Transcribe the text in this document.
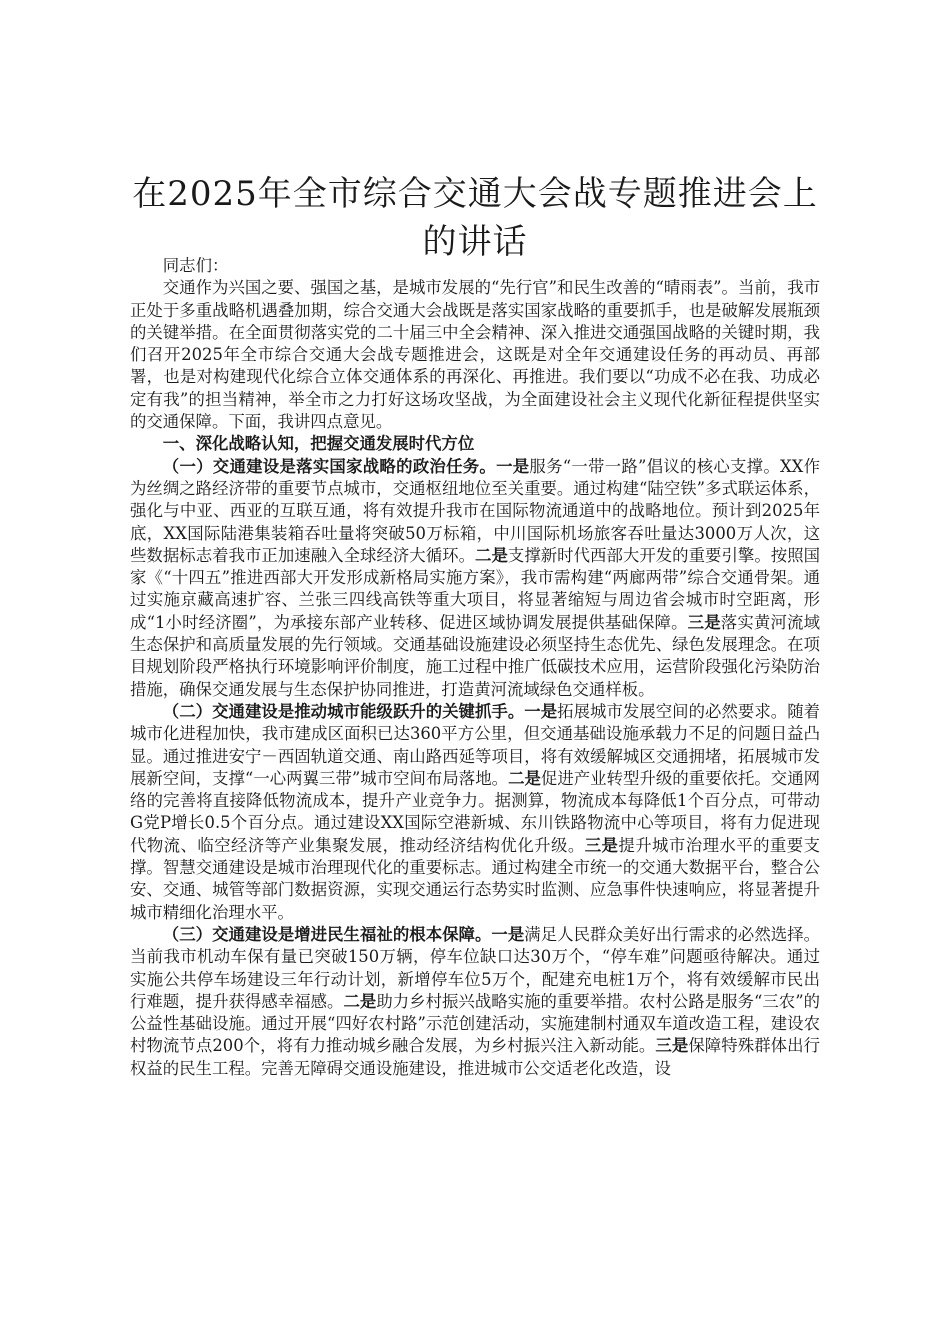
在2025年全市综合交通大会战专题推进会上的讲话

同志们：

交通作为兴国之要、强国之基，是城市发展的“先行官”和民生改善的“晴雨表”。当前，我市正处于多重战略机遇叠加期，综合交通大会战既是落实国家战略的重要抓手，也是破解发展瓶颈的关键举措。在全面贯彻落实党的二十届三中全会精神、深入推进交通强国战略的关键时期，我们召开2025年全市综合交通大会战专题推进会，这既是对全年交通建设任务的再动员、再部署，也是对构建现代化综合立体交通体系的再深化、再推进。我们要以“功成不必在我、功成必定有我”的担当精神，举全市之力打好这场攻坚战，为全面建设社会主义现代化新征程提供坚实的交通保障。下面，我讲四点意见。

一、深化战略认知，把握交通发展时代方位

（一）交通建设是落实国家战略的政治任务。一是服务“一带一路”倡议的核心支撑。XX作为丝绸之路经济带的重要节点城市，交通枢纽地位至关重要。通过构建“陆空铁”多式联运体系，强化与中亚、西亚的互联互通，将有效提升我市在国际物流通道中的战略地位。预计到2025年底，XX国际陆港集装箱吞吐量将突破50万标箱，中川国际机场旅客吞吐量达3000万人次，这些数据标志着我市正加速融入全球经济大循环。二是支撑新时代西部大开发的重要引擎。按照国家《“十四五”推进西部大开发形成新格局实施方案》，我市需构建“两廊两带”综合交通骨架。通过实施京藏高速扩容、兰张三四线高铁等重大项目，将显著缩短与周边省会城市时空距离，形成“1小时经济圈”，为承接东部产业转移、促进区域协调发展提供基础保障。三是落实黄河流域生态保护和高质量发展的先行领域。交通基础设施建设必须坚持生态优先、绿色发展理念。在项目规划阶段严格执行环境影响评价制度，施工过程中推广低碳技术应用，运营阶段强化污染防治措施，确保交通发展与生态保护协同推进，打造黄河流域绿色交通样板。

（二）交通建设是推动城市能级跃升的关键抓手。一是拓展城市发展空间的必然要求。随着城市化进程加快，我市建成区面积已达360平方公里，但交通基础设施承载力不足的问题日益凸显。通过推进安宁－西固轨道交通、南山路西延等项目，将有效缓解城区交通拥堵，拓展城市发展新空间，支撑“一心两翼三带”城市空间布局落地。二是促进产业转型升级的重要依托。交通网络的完善将直接降低物流成本，提升产业竞争力。据测算，物流成本每降低1个百分点，可带动G党P增长0.5个百分点。通过建设XX国际空港新城、东川铁路物流中心等项目，将有力促进现代物流、临空经济等产业集聚发展，推动经济结构优化升级。三是提升城市治理水平的重要支撑。智慧交通建设是城市治理现代化的重要标志。通过构建全市统一的交通大数据平台，整合公安、交通、城管等部门数据资源，实现交通运行态势实时监测、应急事件快速响应，将显著提升城市精细化治理水平。

（三）交通建设是增进民生福祉的根本保障。一是满足人民群众美好出行需求的必然选择。当前我市机动车保有量已突破150万辆，停车位缺口达30万个，“停车难”问题亟待解决。通过实施公共停车场建设三年行动计划，新增停车位5万个，配建充电桩1万个，将有效缓解市民出行难题，提升获得感幸福感。二是助力乡村振兴战略实施的重要举措。农村公路是服务“三农”的公益性基础设施。通过开展“四好农村路”示范创建活动，实施建制村通双车道改造工程，建设农村物流节点200个，将有力推动城乡融合发展，为乡村振兴注入新动能。三是保障特殊群体出行权益的民生工程。完善无障碍交通设施建设，推进城市公交适老化改造，设
